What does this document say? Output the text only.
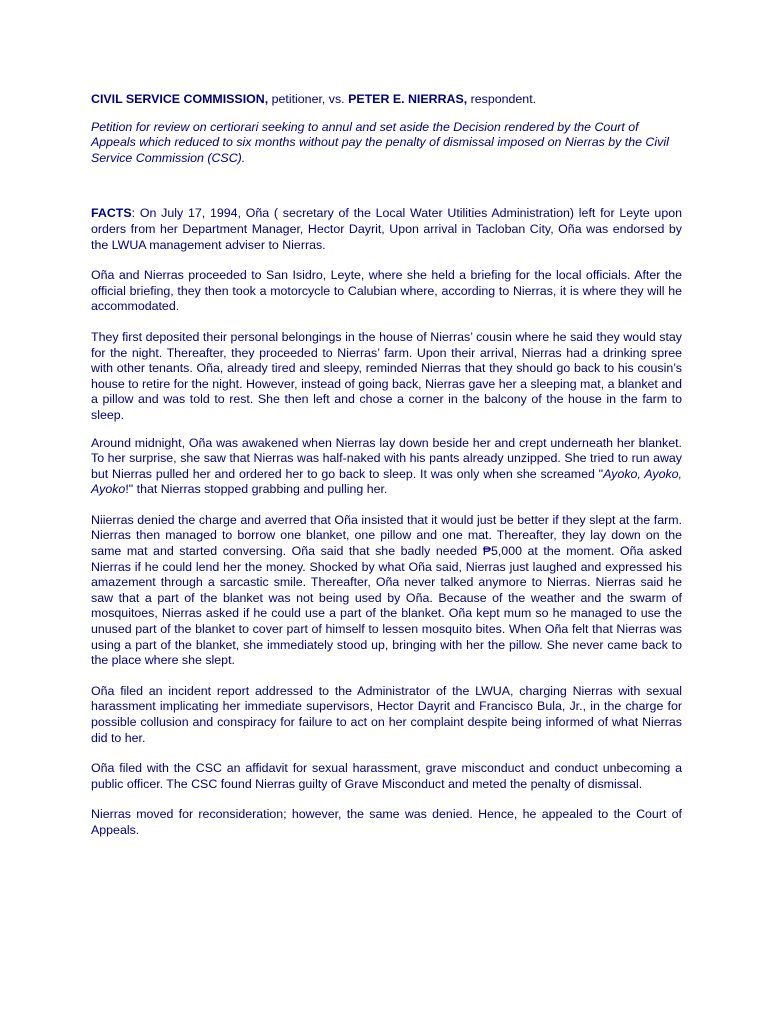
CIVIL SERVICE COMMISSION, petitioner, vs. PETER E. NIERRAS, respondent.

Petition for review on certiorari seeking to annul and set aside the Decision rendered by the Court of Appeals which reduced to six months without pay the penalty of dismissal imposed on Nierras by the Civil Service Commission (CSC).

FACTS: On July 17, 1994, Oña ( secretary of the Local Water Utilities Administration) left for Leyte upon orders from her Department Manager, Hector Dayrit, Upon arrival in Tacloban City, Oña was endorsed by the LWUA management adviser to Nierras.

Oña and Nierras proceeded to San Isidro, Leyte, where she held a briefing for the local officials. After the official briefing, they then took a motorcycle to Calubian where, according to Nierras, it is where they will he accommodated.

They first deposited their personal belongings in the house of Nierras’ cousin where he said they would stay for the night. Thereafter, they proceeded to Nierras’ farm. Upon their arrival, Nierras had a drinking spree with other tenants. Oña, already tired and sleepy, reminded Nierras that they should go back to his cousin’s house to retire for the night. However, instead of going back, Nierras gave her a sleeping mat, a blanket and a pillow and was told to rest. She then left and chose a corner in the balcony of the house in the farm to sleep.

Around midnight, Oña was awakened when Nierras lay down beside her and crept underneath her blanket. To her surprise, she saw that Nierras was half-naked with his pants already unzipped. She tried to run away but Nierras pulled her and ordered her to go back to sleep. It was only when she screamed "Ayoko, Ayoko, Ayoko!" that Nierras stopped grabbing and pulling her.

Niierras denied the charge and averred that Oña insisted that it would just be better if they slept at the farm. Nierras then managed to borrow one blanket, one pillow and one mat. Thereafter, they lay down on the same mat and started conversing. Oña said that she badly needed ₱5,000 at the moment. Oña asked Nierras if he could lend her the money. Shocked by what Oña said, Nierras just laughed and expressed his amazement through a sarcastic smile. Thereafter, Oña never talked anymore to Nierras. Nierras said he saw that a part of the blanket was not being used by Oña. Because of the weather and the swarm of mosquitoes, Nierras asked if he could use a part of the blanket. Oña kept mum so he managed to use the unused part of the blanket to cover part of himself to lessen mosquito bites. When Oña felt that Nierras was using a part of the blanket, she immediately stood up, bringing with her the pillow. She never came back to the place where she slept.

Oña filed an incident report addressed to the Administrator of the LWUA, charging Nierras with sexual harassment implicating her immediate supervisors, Hector Dayrit and Francisco Bula, Jr., in the charge for possible collusion and conspiracy for failure to act on her complaint despite being informed of what Nierras did to her.

Oña filed with the CSC an affidavit for sexual harassment, grave misconduct and conduct unbecoming a public officer. The CSC found Nierras guilty of Grave Misconduct and meted the penalty of dismissal.

Nierras moved for reconsideration; however, the same was denied. Hence, he appealed to the Court of Appeals.
